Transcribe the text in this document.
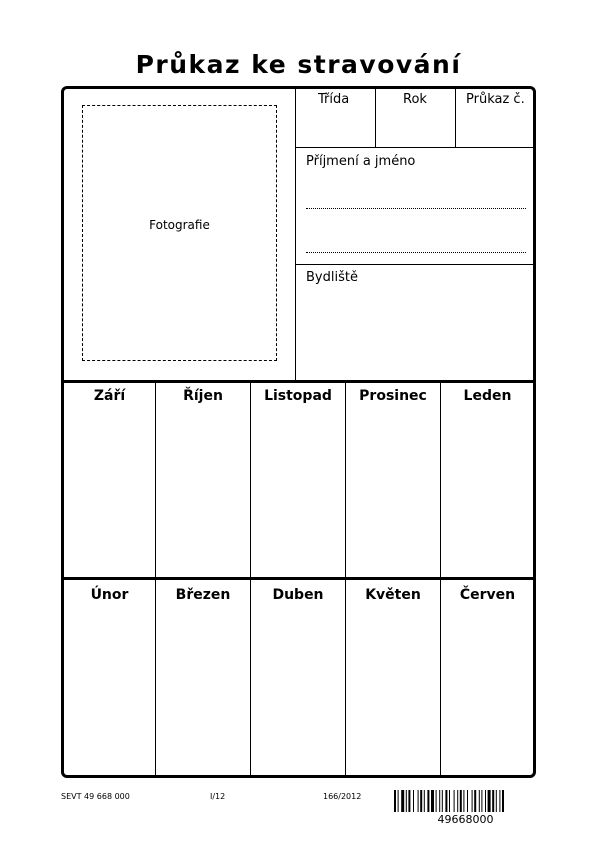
Průkaz ke stravování
Fotografie
Třída	Rok	Průkaz č.
Příjmení a jméno
Bydliště
Září	Říjen	Listopad	Prosinec	Leden
Únor	Březen	Duben	Květen	Červen
SEVT 49 668 000	I/12	166/2012
49668000
